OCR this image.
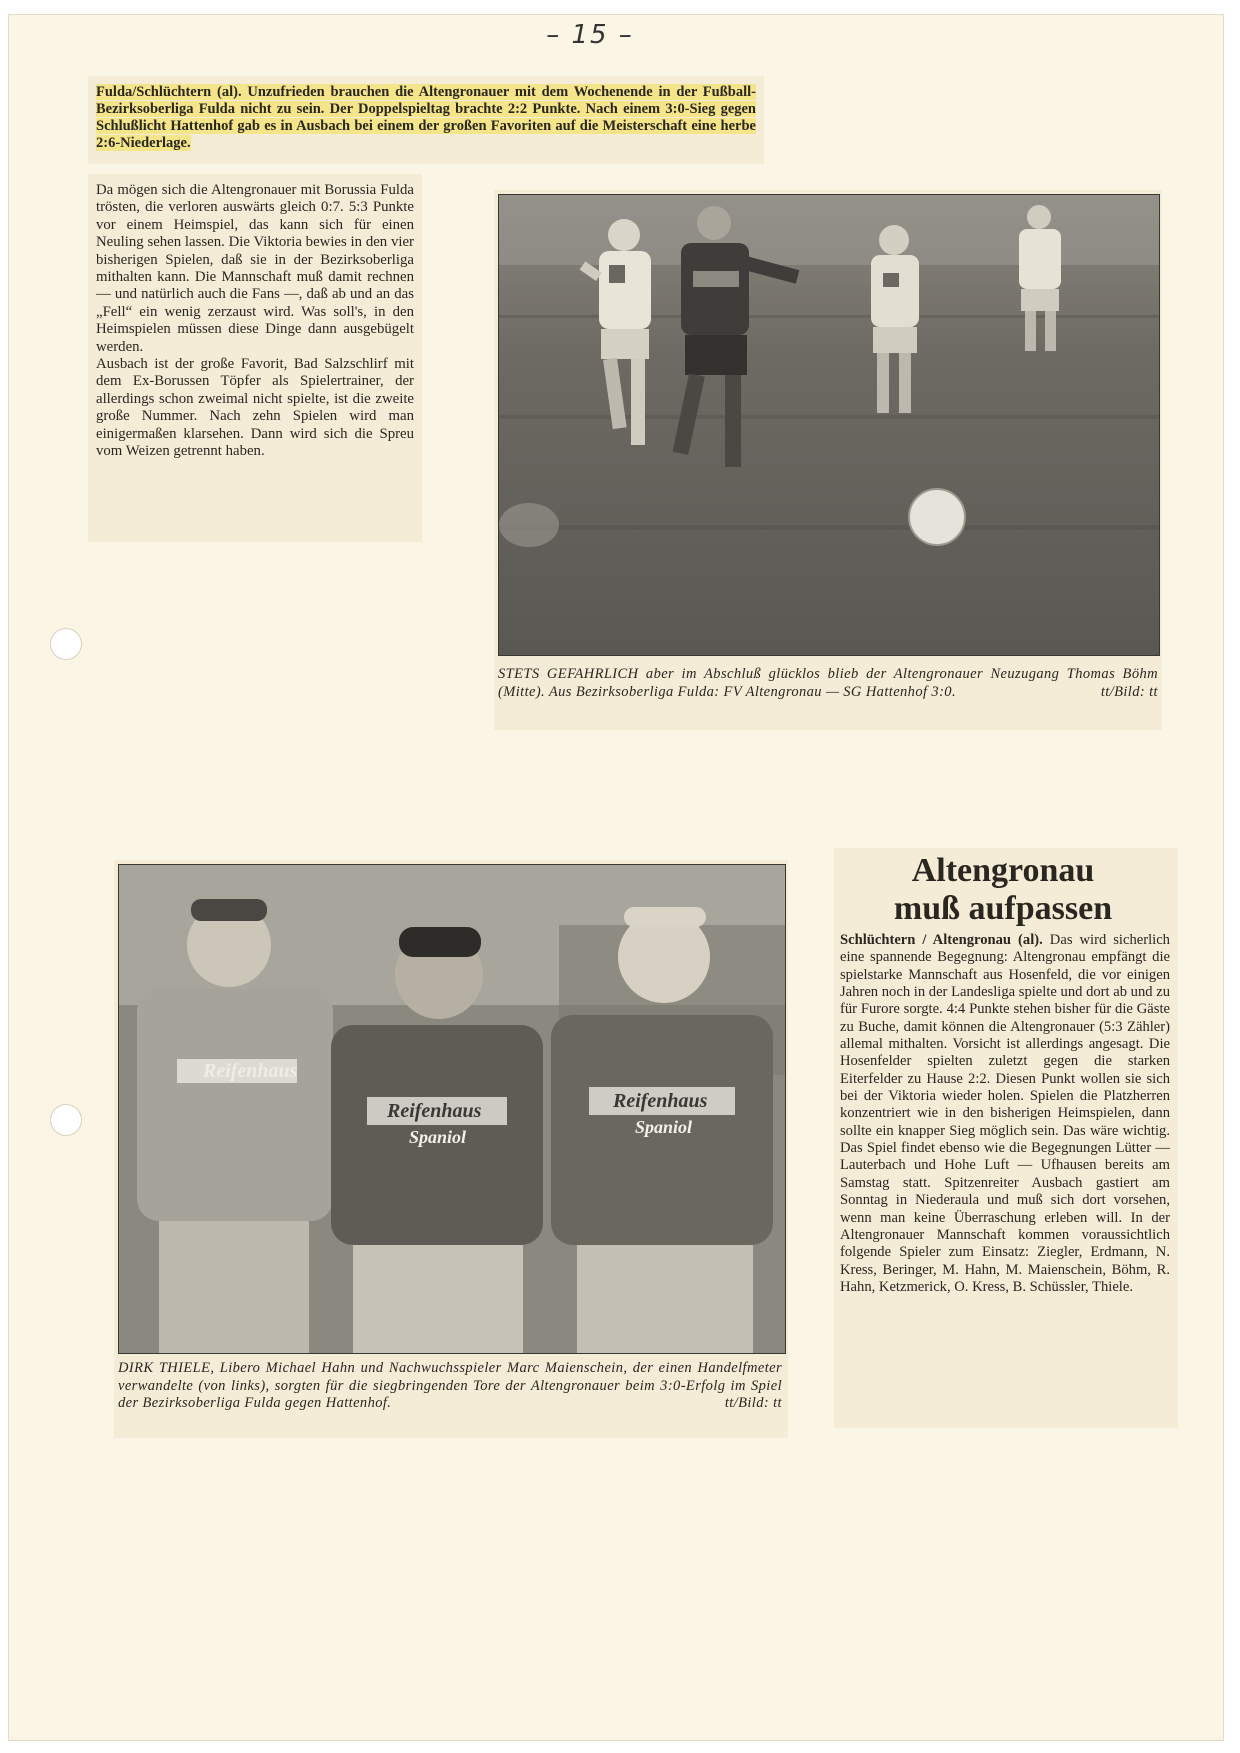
– 15 –
Fulda/Schlüchtern (al). Unzufrieden brauchen die Altengronauer mit dem Wochenende in der Fußball-Bezirksoberliga Fulda nicht zu sein. Der Doppelspieltag brachte 2:2 Punkte. Nach einem 3:0-Sieg gegen Schlußlicht Hattenhof gab es in Ausbach bei einem der großen Favoriten auf die Meisterschaft eine herbe 2:6-Niederlage.

Da mögen sich die Altengronauer mit Borussia Fulda trösten, die verloren auswärts gleich 0:7. 5:3 Punkte vor einem Heimspiel, das kann sich für einen Neuling sehen lassen. Die Viktoria bewies in den vier bisherigen Spielen, daß sie in der Bezirksoberliga mithalten kann. Die Mannschaft muß damit rechnen — und natürlich auch die Fans —, daß ab und an das „Fell“ ein wenig zerzaust wird. Was soll's, in den Heimspielen müssen diese Dinge dann ausgebügelt werden.

Ausbach ist der große Favorit, Bad Salzschlirf mit dem Ex-Borussen Töpfer als Spielertrainer, der allerdings schon zweimal nicht spielte, ist die zweite große Nummer. Nach zehn Spielen wird man einigermaßen klarsehen. Dann wird sich die Spreu vom Weizen getrennt haben.

STETS GEFAHRLICH aber im Abschluß glücklos blieb der Altengronauer Neuzugang Thomas Böhm (Mitte). Aus Bezirksoberliga Fulda: FV Altengronau — SG Hattenhof 3:0.	tt/Bild: tt
Reifenhaus
Reifenhaus	Reifenhaus
Spaniol	Spaniol
DIRK THIELE, Libero Michael Hahn und Nachwuchsspieler Marc Maienschein, der einen Handelfmeter verwandelte (von links), sorgten für die siegbringenden Tore der Altengronauer beim 3:0-Erfolg im Spiel der Bezirksoberliga Fulda gegen Hattenhof.	tt/Bild: tt
Altengronau
muß aufpassen
Schlüchtern / Altengronau (al). Das wird sicherlich eine spannende Begegnung: Altengronau empfängt die spielstarke Mannschaft aus Hosenfeld, die vor einigen Jahren noch in der Landesliga spielte und dort ab und zu für Furore sorgte. 4:4 Punkte stehen bisher für die Gäste zu Buche, damit können die Altengronauer (5:3 Zähler) allemal mithalten. Vorsicht ist allerdings angesagt. Die Hosenfelder spielten zuletzt gegen die starken Eiterfelder zu Hause 2:2. Diesen Punkt wollen sie sich bei der Viktoria wieder holen. Spielen die Platzherren konzentriert wie in den bisherigen Heimspielen, dann sollte ein knapper Sieg möglich sein. Das wäre wichtig. Das Spiel findet ebenso wie die Begegnungen Lütter — Lauterbach und Hohe Luft — Ufhausen bereits am Samstag statt. Spitzenreiter Ausbach gastiert am Sonntag in Niederaula und muß sich dort vorsehen, wenn man keine Überraschung erleben will. In der Altengronauer Mannschaft kommen voraussichtlich folgende Spieler zum Einsatz: Ziegler, Erdmann, N. Kress, Beringer, M. Hahn, M. Maienschein, Böhm, R. Hahn, Ketzmerick, O. Kress, B. Schüssler, Thiele.
